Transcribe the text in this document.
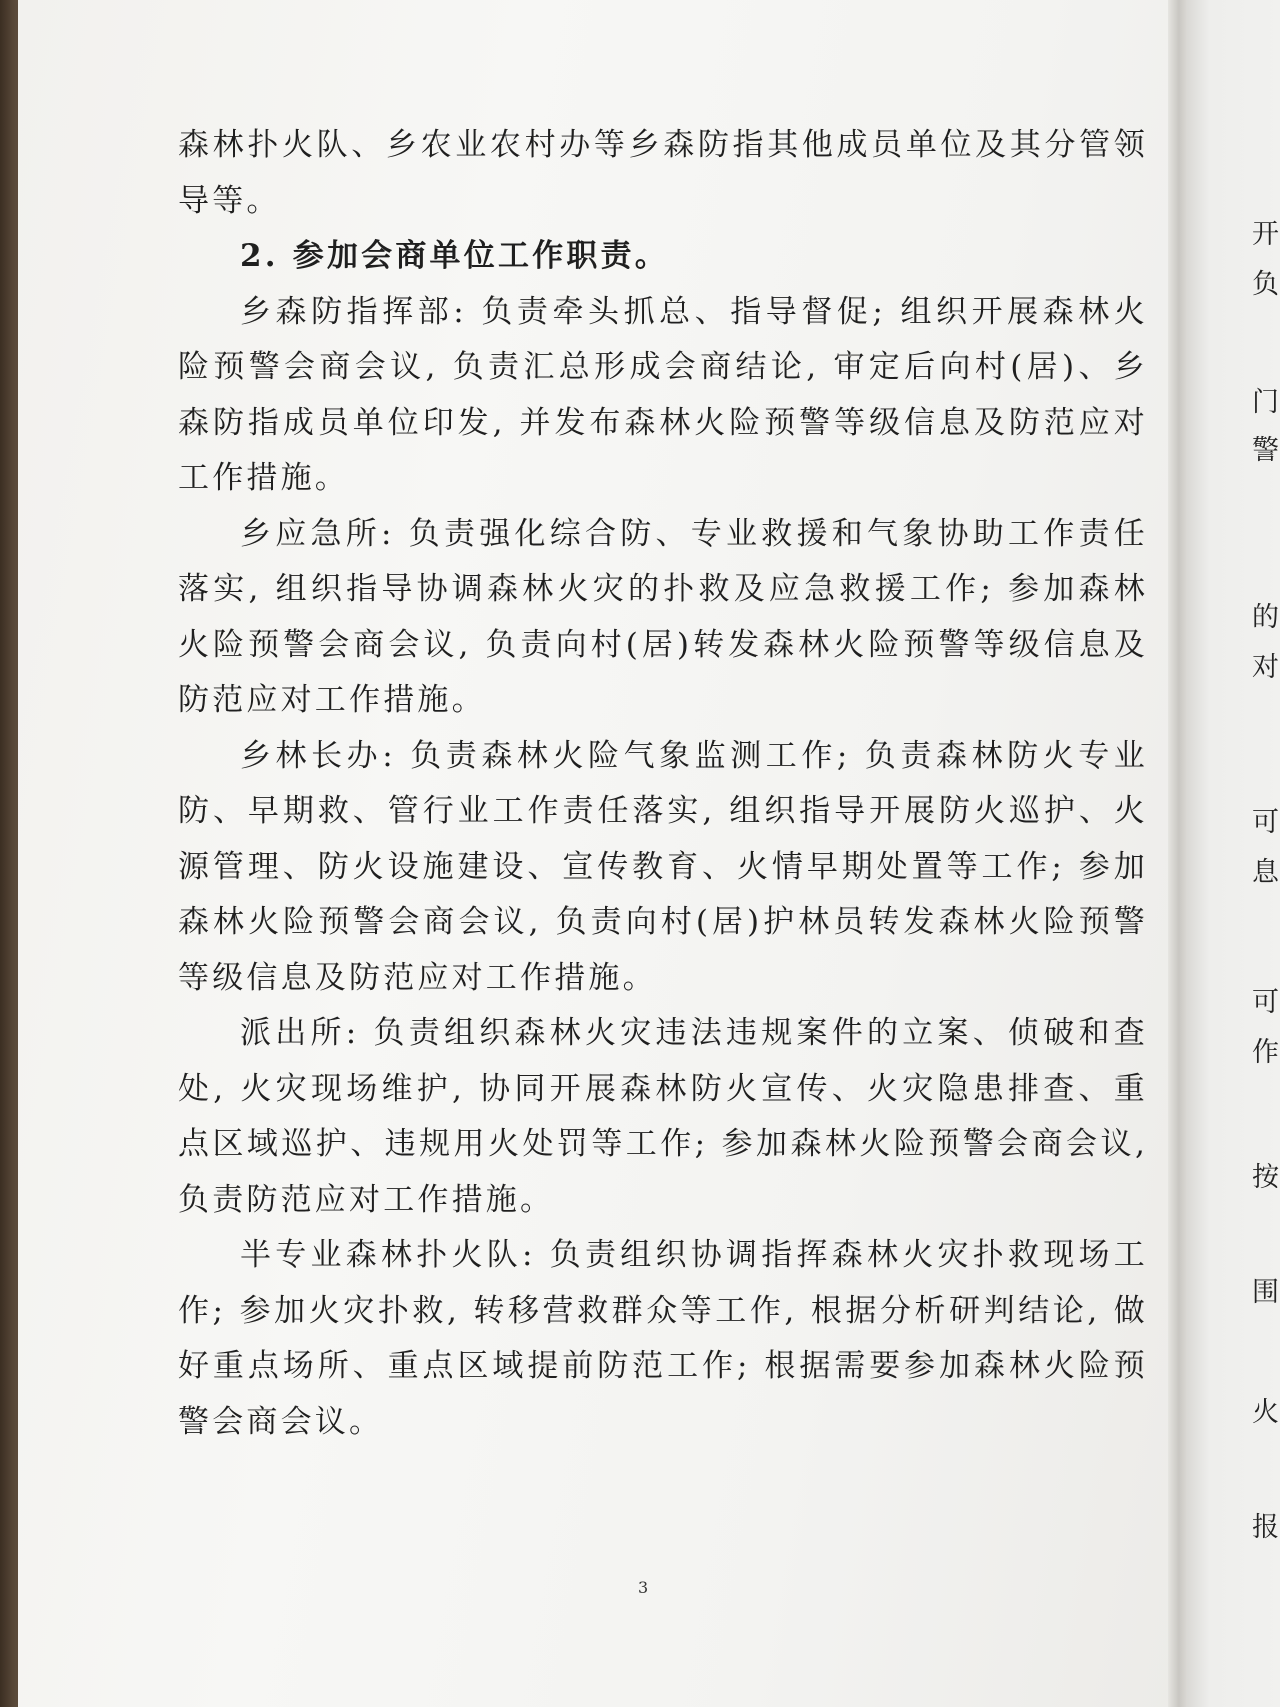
森林扑火队、乡农业农村办等乡森防指其他成员单位及其分管领导等。

2. 参加会商单位工作职责。

乡森防指挥部: 负责牵头抓总、指导督促; 组织开展森林火险预警会商会议, 负责汇总形成会商结论, 审定后向村(居)、乡森防指成员单位印发, 并发布森林火险预警等级信息及防范应对工作措施。

乡应急所: 负责强化综合防、专业救援和气象协助工作责任落实, 组织指导协调森林火灾的扑救及应急救援工作; 参加森林火险预警会商会议, 负责向村(居)转发森林火险预警等级信息及防范应对工作措施。

乡林长办: 负责森林火险气象监测工作; 负责森林防火专业防、早期救、管行业工作责任落实, 组织指导开展防火巡护、火源管理、防火设施建设、宣传教育、火情早期处置等工作; 参加森林火险预警会商会议, 负责向村(居)护林员转发森林火险预警等级信息及防范应对工作措施。

派出所: 负责组织森林火灾违法违规案件的立案、侦破和查处, 火灾现场维护, 协同开展森林防火宣传、火灾隐患排查、重点区域巡护、违规用火处罚等工作; 参加森林火险预警会商会议, 负责防范应对工作措施。

半专业森林扑火队: 负责组织协调指挥森林火灾扑救现场工作; 参加火灾扑救, 转移营救群众等工作, 根据分析研判结论, 做好重点场所、重点区域提前防范工作; 根据需要参加森林火险预警会商会议。

3
开
负
门
警
的
对
可
息
可
作
按
围
火
报
